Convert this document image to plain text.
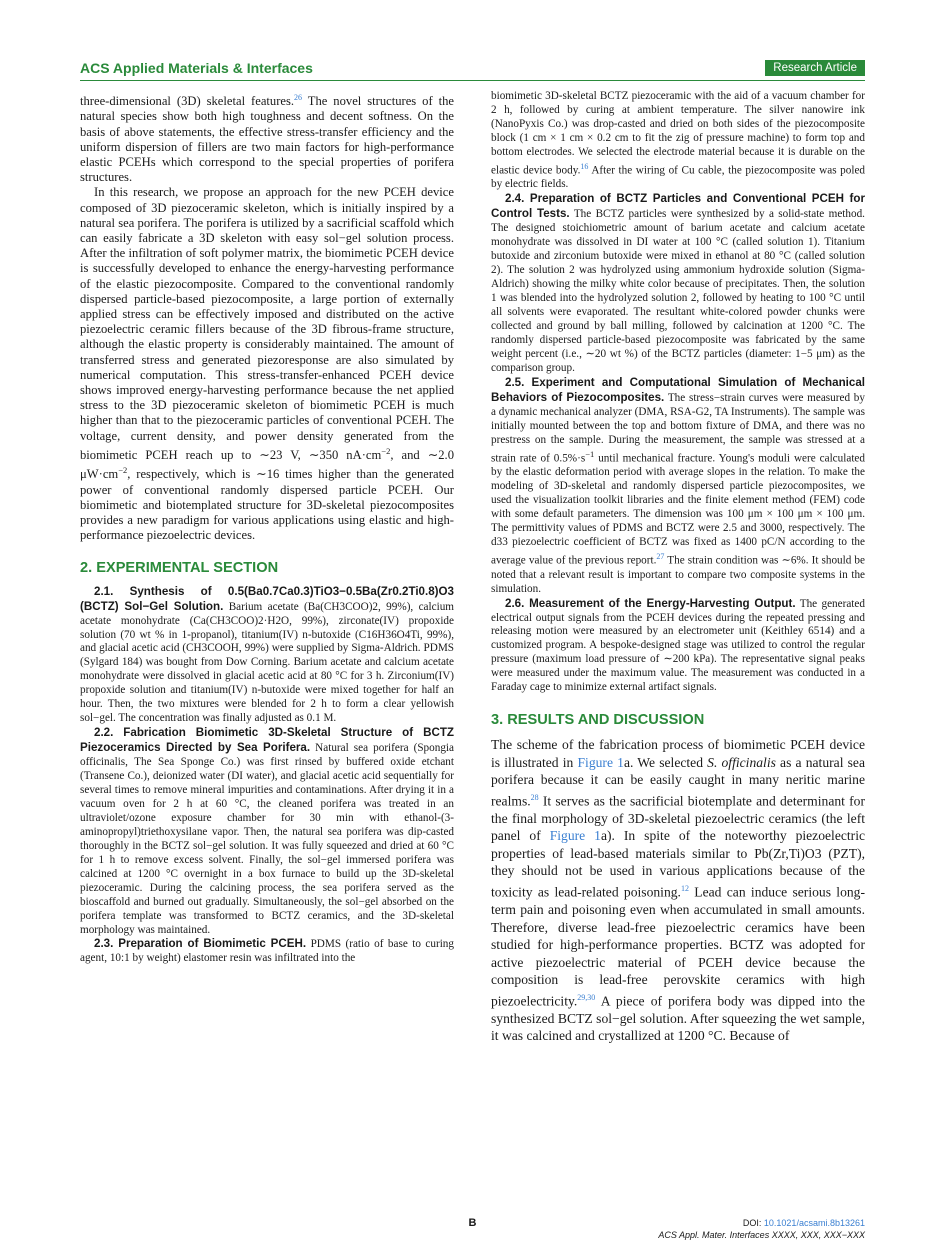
ACS Applied Materials & Interfaces	Research Article

three-dimensional (3D) skeletal features.$^{26}$ The novel structures of the natural species show both high toughness and decent softness. On the basis of above statements, the effective stress-transfer efficiency and the uniform dispersion of fillers are two main factors for high-performance elastic PCEHs which correspond to the special properties of porifera structures.

In this research, we propose an approach for the new PCEH device composed of 3D piezoceramic skeleton, which is initially inspired by a natural sea porifera. The porifera is utilized by a sacrificial scaffold which can easily fabricate a 3D skeleton with easy sol−gel solution process. After the infiltration of soft polymer matrix, the biomimetic PCEH device is successfully developed to enhance the energy-harvesting performance of the elastic piezocomposite. Compared to the conventional randomly dispersed particle-based piezocomposite, a large portion of externally applied stress can be effectively imposed and distributed on the active piezoelectric ceramic fillers because of the 3D fibrous-frame structure, although the elastic property is considerably maintained. The amount of transferred stress and generated piezoresponse are also simulated by numerical computation. This stress-transfer-enhanced PCEH device shows improved energy-harvesting performance because the net applied stress to the 3D piezoceramic skeleton of biomimetic PCEH is much higher than that to the piezoceramic particles of conventional PCEH. The voltage, current density, and power density generated from the biomimetic PCEH reach up to ∼23 V, ∼350 $nA\cdot cm^{-2}$, and ∼2.0 $\mu W\cdot cm^{-2}$, respectively, which is ∼16 times higher than the generated power of conventional randomly dispersed particle PCEH. Our biomimetic and biotemplated structure for 3D-skeletal piezocomposites provides a new paradigm for various applications using elastic and high-performance piezoelectric devices.

2. EXPERIMENTAL SECTION

2.1. Synthesis of 0.5(Ba0.7Ca0.3)TiO3−0.5Ba(Zr0.2Ti0.8)O3 (BCTZ) Sol−Gel Solution. Barium acetate (Ba(CH3COO)2, 99%), calcium acetate monohydrate (Ca(CH3COO)2·H2O, 99%), zirconate(IV) propoxide solution (70 wt % in 1-propanol), titanium(IV) n-butoxide (C16H36O4Ti, 99%), and glacial acetic acid (CH3COOH, 99%) were supplied by Sigma-Aldrich. PDMS (Sylgard 184) was bought from Dow Corning. Barium acetate and calcium acetate monohydrate were dissolved in glacial acetic acid at 80 °C for 3 h. Zirconium(IV) propoxide solution and titanium(IV) n-butoxide were mixed together for half an hour. Then, the two mixtures were blended for 2 h to form a clear yellowish sol−gel. The concentration was finally adjusted as 0.1 M.

2.2. Fabrication Biomimetic 3D-Skeletal Structure of BCTZ Piezoceramics Directed by Sea Porifera. Natural sea porifera (Spongia officinalis, The Sea Sponge Co.) was first rinsed by buffered oxide etchant (Transene Co.), deionized water (DI water), and glacial acetic acid sequentially for several times to remove mineral impurities and contaminations. After drying it in a vacuum oven for 2 h at 60 °C, the cleaned porifera was treated in an ultraviolet/ozone exposure chamber for 30 min with ethanol-(3-aminopropyl)triethoxysilane vapor. Then, the natural sea porifera was dip-casted thoroughly in the BCTZ sol−gel solution. It was fully squeezed and dried at 60 °C for 1 h to remove excess solvent. Finally, the sol−gel immersed porifera was calcined at 1200 °C overnight in a box furnace to build up the 3D-skeletal piezoceramic. During the calcining process, the sea porifera served as the bioscaffold and burned out gradually. Simultaneously, the sol−gel absorbed on the porifera template was transformed to BCTZ ceramics, and the 3D-skeletal morphology was maintained.

2.3. Preparation of Biomimetic PCEH. PDMS (ratio of base to curing agent, 10:1 by weight) elastomer resin was infiltrated into the

biomimetic 3D-skeletal BCTZ piezoceramic with the aid of a vacuum chamber for 2 h, followed by curing at ambient temperature. The silver nanowire ink (NanoPyxis Co.) was drop-casted and dried on both sides of the piezocomposite block (1 cm × 1 cm × 0.2 cm to fit the zig of pressure machine) to form top and bottom electrodes. We selected the electrode material because it is durable on the elastic device body.$^{16}$ After the wiring of Cu cable, the piezocomposite was poled by electric fields.

2.4. Preparation of BCTZ Particles and Conventional PCEH for Control Tests. The BCTZ particles were synthesized by a solid-state method. The designed stoichiometric amount of barium acetate and calcium acetate monohydrate was dissolved in DI water at 100 °C (called solution 1). Titanium butoxide and zirconium butoxide were mixed in ethanol at 80 °C (called solution 2). The solution 2 was hydrolyzed using ammonium hydroxide solution (Sigma-Aldrich) showing the milky white color because of precipitates. Then, the solution 1 was blended into the hydrolyzed solution 2, followed by heating to 100 °C until all solvents were evaporated. The resultant white-colored powder chunks were collected and ground by ball milling, followed by calcination at 1200 °C. The randomly dispersed particle-based piezocomposite was fabricated by the same weight percent (i.e., ∼20 wt %) of the BCTZ particles (diameter: 1−5 μm) as the comparison group.

2.5. Experiment and Computational Simulation of Mechanical Behaviors of Piezocomposites. The stress−strain curves were measured by a dynamic mechanical analyzer (DMA, RSA-G2, TA Instruments). The sample was initially mounted between the top and bottom fixture of DMA, and there was no prestress on the sample. During the measurement, the sample was stressed at a strain rate of $0.5\%\cdot s^{-1}$ until mechanical fracture. Young's moduli were calculated by the elastic deformation period with average slopes in the relation. To make the modeling of 3D-skeletal and randomly dispersed particle piezocomposites, we used the visualization toolkit libraries and the finite element method (FEM) code with some default parameters. The dimension was 100 μm × 100 μm × 100 μm. The permittivity values of PDMS and BCTZ were 2.5 and 3000, respectively. The d33 piezoelectric coefficient of BCTZ was fixed as 1400 pC/N according to the average value of the previous report.$^{27}$ The strain condition was ∼6%. It should be noted that a relevant result is important to compare two composite systems in the simulation.

2.6. Measurement of the Energy-Harvesting Output. The generated electrical output signals from the PCEH devices during the repeated pressing and releasing motion were measured by an electrometer unit (Keithley 6514) and a customized program. A bespoke-designed stage was utilized to control the regular pressure (maximum load pressure of ∼200 kPa). The representative signal peaks were measured under the maximum value. The measurement was conducted in a Faraday cage to minimize external artifact signals.

3. RESULTS AND DISCUSSION

The scheme of the fabrication process of biomimetic PCEH device is illustrated in Figure 1a. We selected S. officinalis as a natural sea porifera because it can be easily caught in many neritic marine realms.$^{28}$ It serves as the sacrificial biotemplate and determinant for the final morphology of 3D-skeletal piezoelectric ceramics (the left panel of Figure 1a). In spite of the noteworthy piezoelectric properties of lead-based materials similar to Pb(Zr,Ti)O3 (PZT), they should not be used in various applications because of the toxicity as lead-related poisoning.$^{12}$ Lead can induce serious long-term pain and poisoning even when accumulated in small amounts. Therefore, diverse lead-free piezoelectric ceramics have been studied for high-performance properties. BCTZ was adopted for active piezoelectric material of PCEH device because the composition is lead-free perovskite ceramics with high piezoelectricity.$^{29,30}$ A piece of porifera body was dipped into the synthesized BCTZ sol−gel solution. After squeezing the wet sample, it was calcined and crystallized at 1200 °C. Because of

B	DOI: 10.1021/acsami.8b13261
ACS Appl. Mater. Interfaces XXXX, XXX, XXX−XXX
